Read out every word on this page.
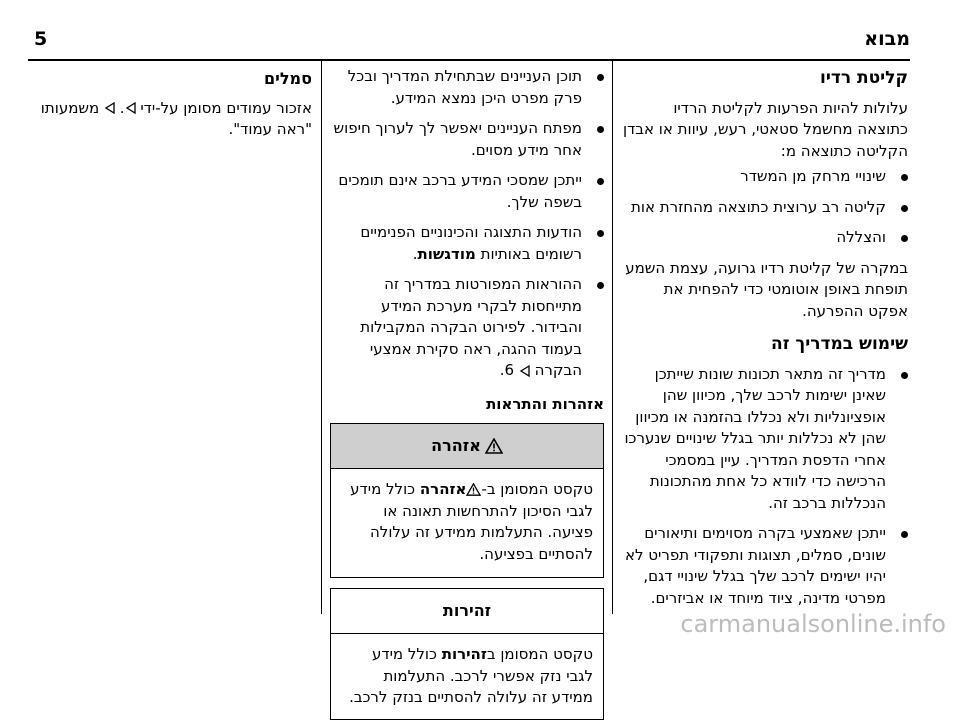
5	מבוא
קליטת רדיו

עלולות להיות הפרעות לקליטת הרדיו כתוצאה מחשמל סטאטי, רעש, עיוות או אבדן הקליטה כתוצאה מ:

שינויי מרחק מן המשדר
קליטה רב ערוצית כתוצאה מהחזרת אות
והצללה

במקרה של קליטת רדיו גרועה, עצמת השמע תופחת באופן אוטומטי כדי להפחית את אפקט ההפרעה.

שימוש במדריך זה
מדריך זה מתאר תכונות שונות שייתכן שאינן ישימות לרכב שלך, מכיוון שהן אופציונליות ולא נכללו בהזמנה או מכיוון שהן לא נכללות יותר בגלל שינויים שנערכו אחרי הדפסת המדריך. עיין במסמכי הרכישה כדי לוודא כל אחת מהתכונות הנכללות ברכב זה.
ייתכן שאמצעי בקרה מסוימים ותיאורים שונים, סמלים, תצוגות ותפקודי תפריט לא יהיו ישימים לרכב שלך בגלל שינויי דגם, מפרטי מדינה, ציוד מיוחד או אביזרים.
תוכן העניינים שבתחילת המדריך ובכל פרק מפרט היכן נמצא המידע.
מפתח העניינים יאפשר לך לערוך חיפוש אחר מידע מסוים.
ייתכן שמסכי המידע ברכב אינם תומכים בשפה שלך.
הודעות התצוגה והכינוניים הפנימיים רשומים באותיות מודגשות.
ההוראות המפורטות במדריך זה מתייחסות לבקרי מערכת המידע והבידור. לפירוט הבקרה המקבילות בעמוד ההגה, ראה סקירת אמצעי הבקרה  6.
אזהרות והתראות
אזהרה
טקסט המסומן ב-אזהרה כולל מידע לגבי הסיכון להתרחשות תאונה או פציעה. התעלמות ממידע זה עלולה להסתיים בפציעה.
זהירות
טקסט המסומן בזהירות כולל מידע לגבי נזק אפשרי לרכב. התעלמות ממידע זה עלולה להסתיים בנזק לרכב.
סמלים

אזכור עמודים מסומן על-ידי .  משמעותו "ראה עמוד".

carmanualsonline.info
